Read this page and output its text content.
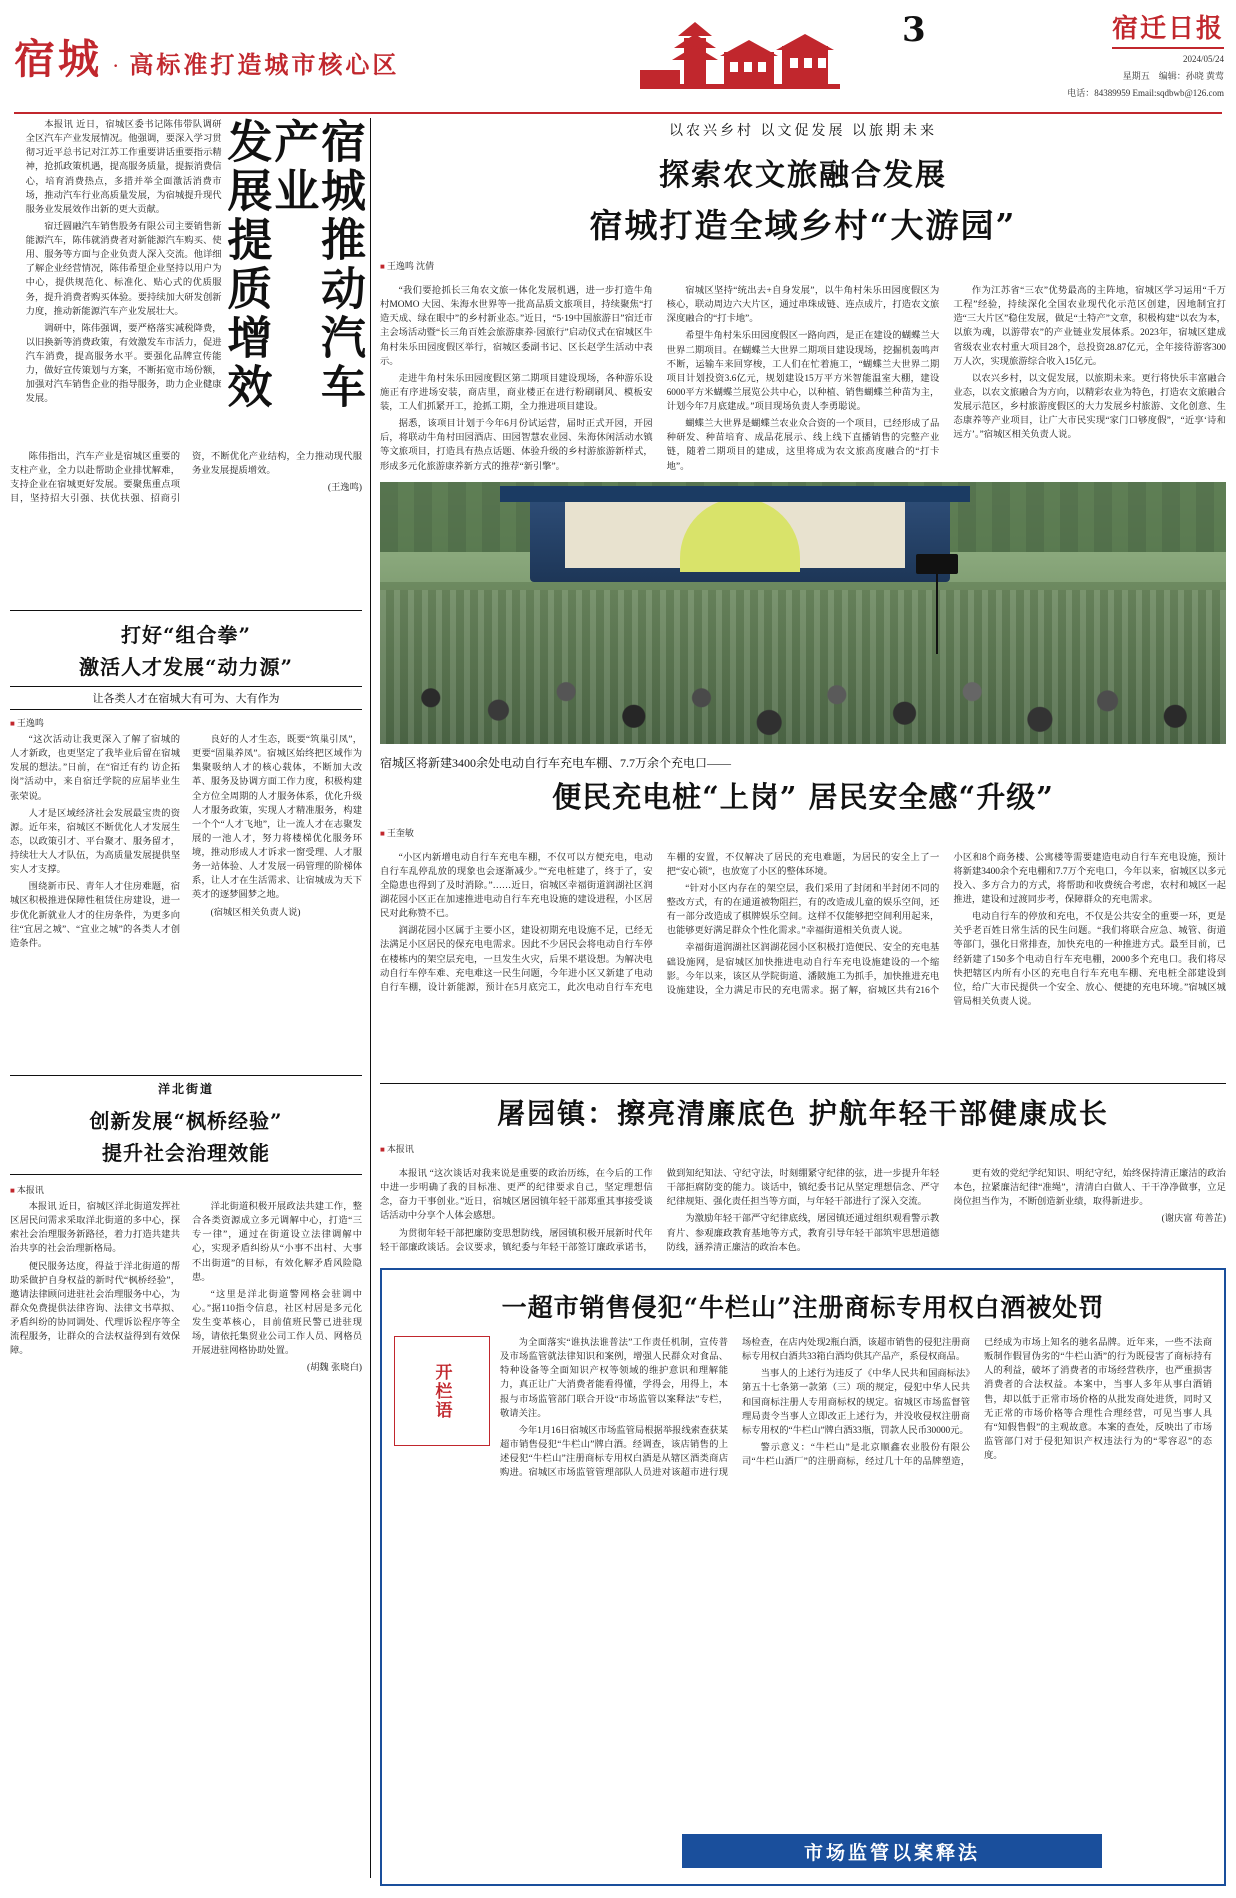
宿城 · 高标准打造城市核心区
3	宿迁日报
2024/05/24
星期五 编辑：孙晓 黄莺
电话：84389959 Email:sqdbwb@126.com
宿城推动汽车产业
发展提质增效

本报讯 近日，宿城区委书记陈伟带队调研全区汽车产业发展情况。他强调，要深入学习贯彻习近平总书记对江苏工作重要讲话重要指示精神，抢抓政策机遇，提高服务质量，提振消费信心，培育消费热点，多措并举全面激活消费市场，推动汽车行业高质量发展，为宿城提升现代服务业发展效作出新的更大贡献。

宿迁圆融汽车销售股务有限公司主要销售新能源汽车，陈伟就消费者对新能源汽车购买、使用、服务等方面与企业负责人深入交流。他详细了解企业经营情况，陈伟希望企业坚持以用户为中心，提供规范化、标准化、贴心式的优质服务，提升消费者购买体验。要持续加大研发创新力度，推动新能源汽车产业发展壮大。

调研中，陈伟强调，要严格落实减税降费，以旧换新等消费政策，有效激发车市活力，促进汽车消费，提高服务水平。要强化品牌宣传能力，做好宣传策划与方案，不断拓宽市场份额，加强对汽车销售企业的指导服务，助力企业健康发展。

陈伟指出，汽车产业是宿城区重要的支柱产业，全力以赴帮助企业排忧解难，支持企业在宿城更好发展。要聚焦重点项目，坚持招大引强、扶优扶强、招商引资，不断优化产业结构，全力推动现代服务业发展提质增效。

(王逸鸣)

打好“组合拳”
激活人才发展“动力源”
让各类人才在宿城大有可为、大有作为
■ 王逸鸣

“这次活动让我更深入了解了宿城的人才新政，也更坚定了我毕业后留在宿城发展的想法。”日前，在“宿迁有约 访企拓岗”活动中，来自宿迁学院的应届毕业生张荣说。

人才是区域经济社会发展最宝贵的资源。近年来，宿城区不断优化人才发展生态，以政策引才、平台聚才、服务留才，持续壮大人才队伍，为高质量发展提供坚实人才支撑。

围绕新市民、青年人才住房难题，宿城区积极推进保障性租赁住房建设，进一步优化新就业人才的住房条件，为更多向往“宜居之城”、“宜业之城”的各类人才创造条件。

良好的人才生态，既要“筑巢引凤”，更要“固巢养凤”。宿城区始终把区域作为集聚吸纳人才的核心载体，不断加大改革、服务及协调方面工作力度，积极构建全方位全周期的人才服务体系，优化升级人才服务政策，实现人才精准服务，构建一个个“人才飞地”，让一流人才在志聚发展的一池人才，努力将楼梯优化服务环境，推动形成人才诉求一窗受理、人才服务一站体验、人才发展一码管理的阶梯体系，让人才在生活需求、让宿城成为天下英才的逐梦圆梦之地。

(宿城区相关负责人说)

洋北街道
创新发展“枫桥经验”
提升社会治理效能
■ 本报讯

本报讯 近日，宿城区洋北街道发挥社区居民问需求采取洋北街道的多中心，探索社会治理服务新路径，着力打造共建共治共享的社会治理新格局。

便民服务达度，得益于洋北街道的帮助采做护自身权益的新时代“枫桥经验”，邀请法律顾问进驻社会治理服务中心，为群众免费提供法律咨询、法律文书草拟、矛盾纠纷的协同调处、代理诉讼程序等全流程服务，让群众的合法权益得到有效保障。

洋北街道积极开展政法共建工作，整合各类资源成立多元调解中心，打造“三专一律”，通过在街道设立法律调解中心，实现矛盾纠纷从“小事不出村、大事不出街道”的目标，有效化解矛盾风险隐患。

“这里是洋北街道警网格会驻调中心。”据110指令信息，社区村居是多元化发生变革核心，目前值班民警已进驻现场，请依托集贸业公司工作人员、网格员开展进驻网格协助处置。

(胡魏 张晓白)

以农兴乡村 以文促发展 以旅期未来
探索农文旅融合发展
宿城打造全域乡村“大游园”
■ 王逸鸣 沈倩

“我们要抢抓长三角农文旅一体化发展机遇，进一步打造牛角村MOMO 大园、朱海水世界等一批高品质文旅项目，持续聚焦“打造天成、绿在眼中”的乡村新业态。”近日，“5·19中国旅游日”宿迁市主会场活动暨“长三角百姓会旅游康养·园旅行”启动仪式在宿城区牛角村朱乐田园度假区举行，宿城区委副书记、区长赵学生活动中表示。

走进牛角村朱乐田园度假区第二期项目建设现场，各种游乐设施正有序进场安装，商店里，商业楼正在进行粉刷刷风、模板安装，工人们抓紧开工，抢抓工期，全力推进项目建设。

据悉，该项目计划于今年6月份试运营，届时正式开园，开园后，将联动牛角村田园酒店、田园智慧农业园、朱海休闲活动水镇等文旅项目，打造具有热点话题、体验升级的乡村游旅游新样式，形成多元化旅游康养新方式的推荐“新引擎”。

宿城区坚持“统出去+自身发展”，以牛角村朱乐田园度假区为核心，联动周边六大片区，通过串珠成链、连点成片，打造农文旅深度融合的“打卡地”。

希望牛角村朱乐田园度假区一路向西，是正在建设的蝴蝶兰大世界二期项目。在蝴蝶兰大世界二期项目建设现场，挖掘机轰鸣声不断，运输车来回穿梭，工人们在忙着施工，“蝴蝶兰大世界二期项目计划投资3.6亿元，规划建设15万平方米智能温室大棚，建设6000平方米蝴蝶兰展览公共中心，以种植、销售蝴蝶兰种苗为主，计划今年7月底建成。”项目现场负责人李勇聪说。

蝴蝶兰大世界是蝴蝶兰农业众合资的一个项目，已经形成了品种研发、种苗培育、成品花展示、线上线下直播销售的完整产业链，随着二期项目的建成，这里将成为农文旅高度融合的“打卡地”。

作为江苏省“三农”优势最高的主阵地，宿城区学习运用“千万工程”经验，持续深化全国农业现代化示范区创建，因地制宜打造“三大片区”稳住发展，做足“土特产”文章，积极构建“以农为本，以旅为魂，以游带农”的产业链业发展体系。2023年，宿城区建成省级农业农村重大项目28个，总投资28.87亿元，全年接待游客300万人次，实现旅游综合收入15亿元。

以农兴乡村，以文促发展，以旅期未来。更行将快乐丰富融合业态，以农文旅融合为方向，以精彩农业为特色，打造农文旅融合发展示范区，乡村旅游度假区的大力发展乡村旅游、文化创意、生态康养等产业项目，让广大市民实现“家门口够度假”，“近享‘诗和远方’。”宿城区相关负责人说。

宿城区将新建3400余处电动自行车充电车棚、7.7万余个充电口——
便民充电桩“上岗” 居民安全感“升级”
■ 王奎敏

“小区内新增电动自行车充电车棚，不仅可以方便充电，电动自行车乱停乱放的现象也会逐渐减少。”“充电桩建了，终于了，安全隐患也得到了及时消除。”……近日，宿城区幸福街道润湖社区润湖花园小区正在加速推进电动自行车充电设施的建设进程，小区居民对此称赞不已。

润湖花园小区属于主要小区，建设初期充电设施不足，已经无法满足小区居民的保充电电需求。因此不少居民会将电动自行车停在楼栋内的架空层充电，一旦发生火灾，后果不堪设想。为解决电动自行车停车难、充电难这一民生问题，今年进小区又新建了电动自行车棚，设计新能源，预计在5月底完工，此次电动自行车充电车棚的安置，不仅解决了居民的充电难题，为居民的安全上了一把“安心锁”，也放宽了小区的整体环境。

“针对小区内存在的架空层，我们采用了封闭和半封闭不同的整改方式，有的在通道被物阻拦，有的改造成儿童的娱乐空间，还有一部分改造成了棋牌娱乐空间。这样不仅能够把空间利用起来，也能够更好满足群众个性化需求。”幸福街道相关负责人说。

幸福街道润湖社区润湖花园小区积极打造便民、安全的充电基础设施网，是宿城区加快推进电动自行车充电设施建设的一个缩影。今年以来，该区从学院街道、潘陂施工为抓手，加快推进充电设施建设，全力满足市民的充电需求。据了解，宿城区共有216个小区和8个商务楼、公寓楼等需要建造电动自行车充电设施，预计将新建3400余个充电棚和7.7万个充电口，今年以来，宿城区以多元投入、多方合力的方式，将帮助和收费统合考虑，农村和城区一起推进，建设和过渡同步考，保障群众的充电需求。

电动自行车的停放和充电，不仅是公共安全的重要一环，更是关乎老百姓日常生活的民生问题。“我们将联合应急、城管、街道等部门，强化日常排查，加快充电的一种推进方式。最至目前，已经新建了150多个电动自行车充电棚，2000多个充电口。我们将尽快把辖区内所有小区的充电自行车充电车棚、充电桩全部建设到位，给广大市民提供一个安全、放心、便捷的充电环境。”宿城区城管局相关负责人说。

屠园镇：擦亮清廉底色 护航年轻干部健康成长
■ 本报讯

本报讯 “这次谈话对我来说是重要的政治历练，在今后的工作中进一步明确了我的目标准、更严的纪律要求自己，坚定理想信念，奋力干事创业。”近日，宿城区屠园镇年轻干部郑重其事接受谈话活动中分享个人体会感想。

为贯彻年轻干部把廉防变思想防线，屠园镇积极开展新时代年轻干部廉政谈话。会议要求，镇纪委与年轻干部签订廉政承诺书，做到知纪知法、守纪守法，时刻绷紧守纪律的弦，进一步提升年轻干部拒腐防变的能力。谈话中，镇纪委书记从坚定理想信念、严守纪律规矩、强化责任担当等方面，与年轻干部进行了深入交流。

为激励年轻干部严守纪律底线，屠园镇还通过组织观看警示教育片、参观廉政教育基地等方式，教育引导年轻干部筑牢思想道德防线，涵养清正廉洁的政治本色。

更有效的党纪学纪知识、明纪守纪，始终保持清正廉洁的政治本色，拉紧廉洁纪律“准绳”，清清白白做人、干干净净做事，立足岗位担当作为，不断创造新业绩，取得新进步。

(谢庆富 苟善芷)

一超市销售侵犯“牛栏山”注册商标专用权白酒被处罚
开栏语

为全面落实“谁执法谁普法”工作责任机制，宣传普及市场监管就法律知识和案例，增强人民群众对食品、特种设备等全面知识产权等领域的维护意识和理解能力，真正让广大消费者能看得懂，学得会，用得上，本报与市场监管部门联合开设“市场监管以案释法”专栏，敬请关注。

今年1月16日宿城区市场监管局根据举报线索查获某超市销售侵犯“牛栏山”牌白酒。经调查，该店销售的上述侵犯“牛栏山”注册商标专用权白酒是从辖区酒类商店购进。宿城区市场监管管理部队人员进对该超市进行现场检查，在店内处现2瓶白酒，该超市销售的侵犯注册商标专用权白酒共33箱白酒均供其产品产，系侵权商品。

当事人的上述行为违反了《中华人民共和国商标法》第五十七条第一款第（三）项的规定，侵犯中华人民共和国商标注册人专用商标权的规定。宿城区市场监督管理局责令当事人立即改正上述行为，并没收侵权注册商标专用权的“牛栏山”牌白酒33瓶，罚款人民币30000元。

警示意义：“牛栏山”是北京顺鑫农业股份有限公司“牛栏山酒厂”的注册商标，经过几十年的品牌塑造，已经成为市场上知名的驰名品牌。近年来，一些不法商贩制作假冒伪劣的“牛栏山酒”的行为既侵害了商标持有人的利益，破坏了消费者的市场经营秩序，也严重损害消费者的合法权益。本案中，当事人多年从事白酒销售，却以低于正常市场价格的从批发商处进货，同时又无正常的市场价格等合理性合理经营，可见当事人具有“知假售假”的主观故意。本案的查处，反映出了市场监管部门对于侵犯知识产权违法行为的“零容忍”的态度。

市场监管以案释法
